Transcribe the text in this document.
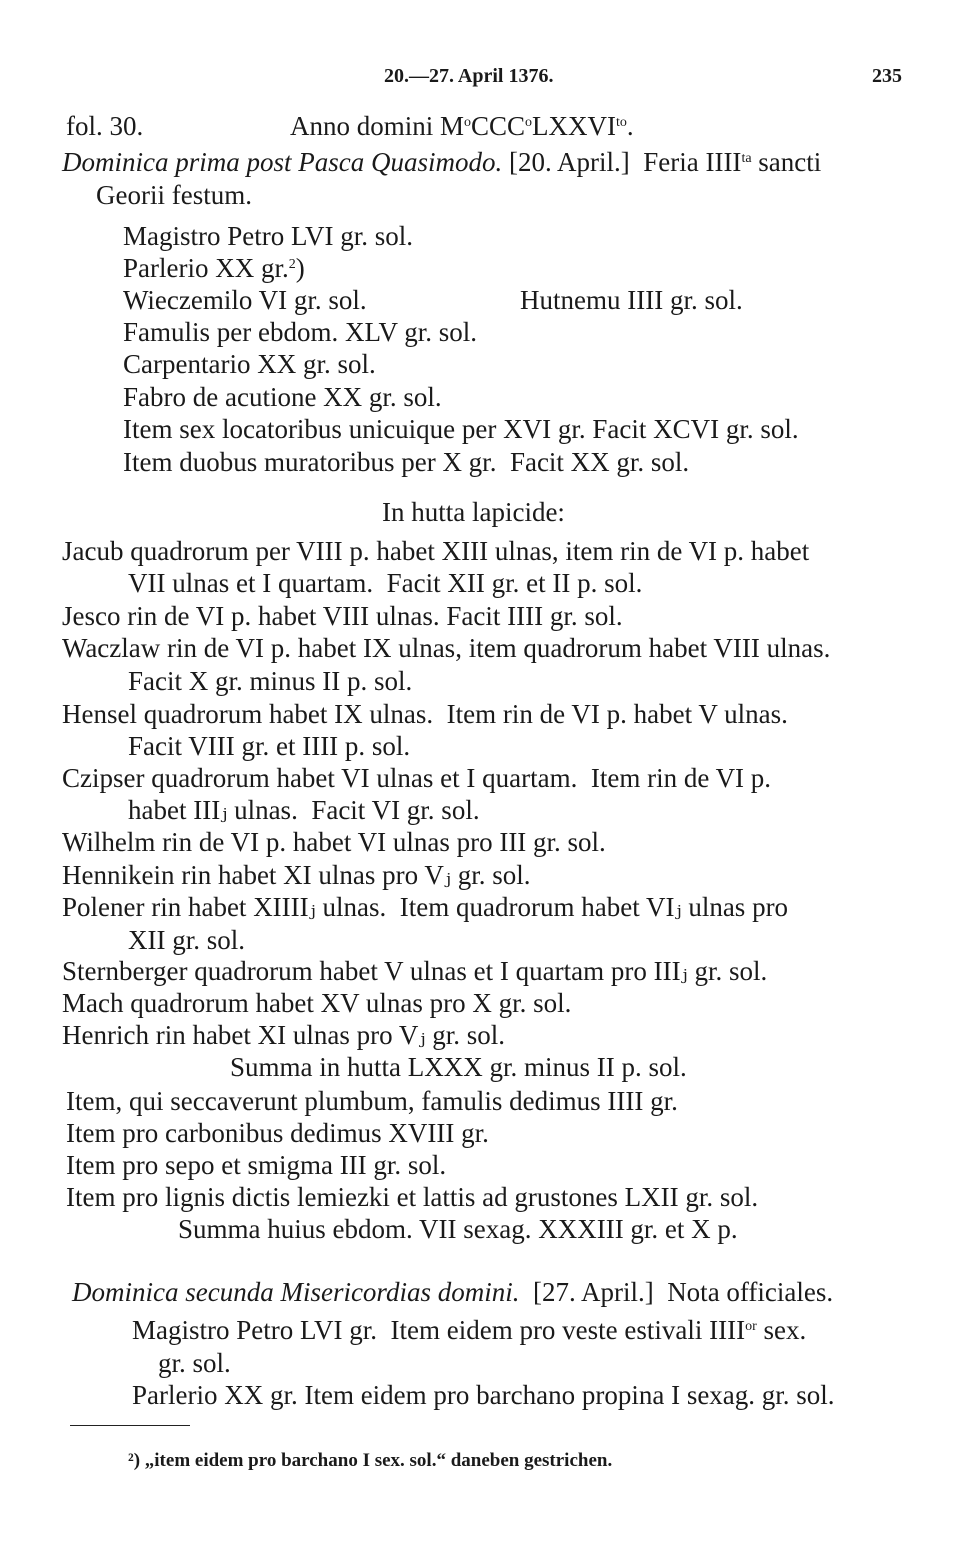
20.—27. April 1376.	235
fol. 30.	Anno domini $M^oCCC^oLXXVI^{to}$.
Dominica prima post Pasca Quasimodo. [20. April.]  Feria $IIII^{ta}$ sancti
Georii festum.
Magistro Petro LVI gr. sol.
Parlerio XX gr.$^2$)
Wieczemilo VI gr. sol.	Hutnemu IIII gr. sol.
Famulis per ebdom. XLV gr. sol.
Carpentario XX gr. sol.
Fabro de acutione XX gr. sol.
Item sex locatoribus unicuique per XVI gr. Facit XCVI gr. sol.
Item duobus muratoribus per X gr.  Facit XX gr. sol.
In hutta lapicide:
Jacub quadrorum per VIII p. habet XIII ulnas, item rin de VI p. habet
VII ulnas et I quartam.  Facit XII gr. et II p. sol.
Jesco rin de VI p. habet VIII ulnas. Facit IIII gr. sol.
Waczlaw rin de VI p. habet IX ulnas, item quadrorum habet VIII ulnas.
Facit X gr. minus II p. sol.
Hensel quadrorum habet IX ulnas.  Item rin de VI p. habet V ulnas.
Facit VIII gr. et IIII p. sol.
Czipser quadrorum habet VI ulnas et I quartam.  Item rin de VI p.
habet IIIⱼ ulnas.  Facit VI gr. sol.
Wilhelm rin de VI p. habet VI ulnas pro III gr. sol.
Hennikein rin habet XI ulnas pro Vⱼ gr. sol.
Polener rin habet XIIIIⱼ ulnas.  Item quadrorum habet VIⱼ ulnas pro
XII gr. sol.
Sternberger quadrorum habet V ulnas et I quartam pro IIIⱼ gr. sol.
Mach quadrorum habet XV ulnas pro X gr. sol.
Henrich rin habet XI ulnas pro Vⱼ gr. sol.
Summa in hutta LXXX gr. minus II p. sol.
Item, qui seccaverunt plumbum, famulis dedimus IIII gr.
Item pro carbonibus dedimus XVIII gr.
Item pro sepo et smigma III gr. sol.
Item pro lignis dictis lemiezki et lattis ad grustones LXII gr. sol.
Summa huius ebdom. VII sexag. XXXIII gr. et X p.
Dominica secunda Misericordias domini. [27. April.]  Nota officiales.
Magistro Petro LVI gr.  Item eidem pro veste estivali $IIII^{or}$ sex.
gr. sol.
Parlerio XX gr. Item eidem pro barchano propina I sexag. gr. sol.
²) „item eidem pro barchano I sex. sol.“ daneben gestrichen.
